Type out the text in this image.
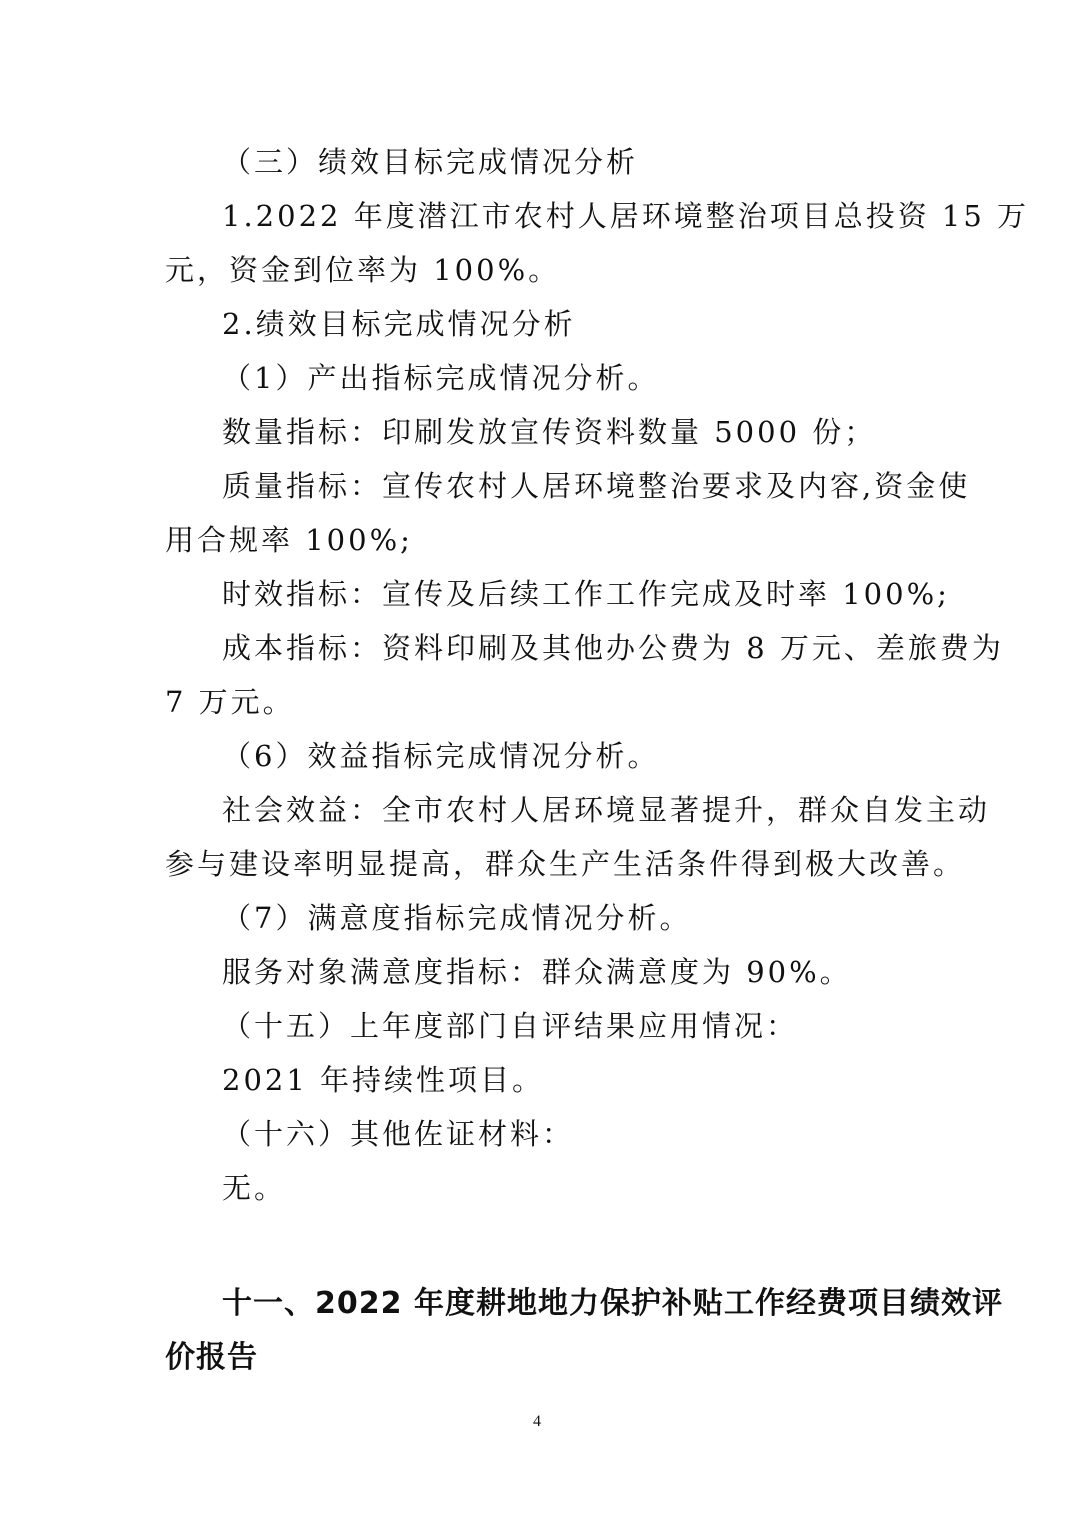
（三）绩效目标完成情况分析
1.2022 年度潜江市农村人居环境整治项目总投资 15 万
元，资金到位率为 100%。
2.绩效目标完成情况分析
（1）产出指标完成情况分析。
数量指标：印刷发放宣传资料数量 5000 份；
质量指标：宣传农村人居环境整治要求及内容,资金使
用合规率 100%;
时效指标：宣传及后续工作工作完成及时率 100%;
成本指标：资料印刷及其他办公费为 8 万元、差旅费为
7 万元。
（6）效益指标完成情况分析。
社会效益：全市农村人居环境显著提升，群众自发主动
参与建设率明显提高，群众生产生活条件得到极大改善。
（7）满意度指标完成情况分析。
服务对象满意度指标：群众满意度为 90%。
（十五）上年度部门自评结果应用情况：
2021 年持续性项目。
（十六）其他佐证材料：
无。
十一、2022 年度耕地地力保护补贴工作经费项目绩效评
价报告
4
